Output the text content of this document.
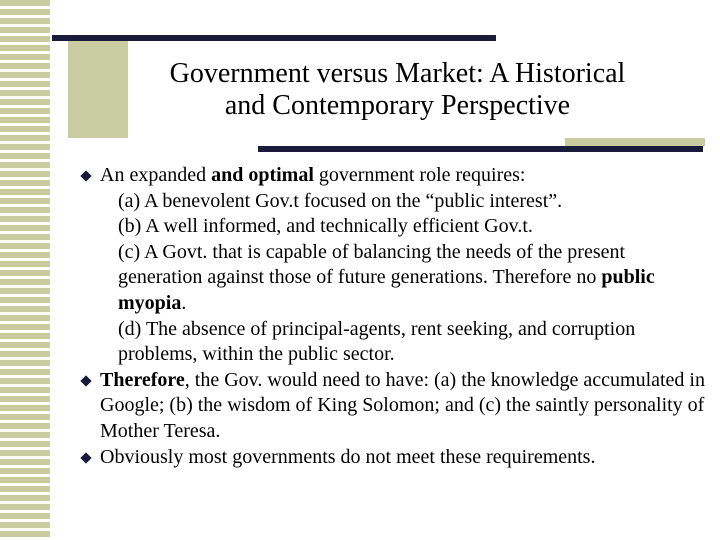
Government versus Market: A Historical
and Contemporary Perspective
An expanded and optimal government role requires:
(a) A benevolent Gov.t focused on the “public interest”.
(b) A well informed, and technically efficient Gov.t.
(c) A Govt. that is capable of balancing the needs of the present generation against those of future generations. Therefore no public myopia.
(d) The absence of principal-agents, rent seeking, and corruption problems, within the public sector.
Therefore, the Gov. would need to have: (a) the knowledge accumulated in Google; (b) the wisdom of King Solomon; and (c) the saintly personality of Mother Teresa.
Obviously most governments do not meet these requirements.
